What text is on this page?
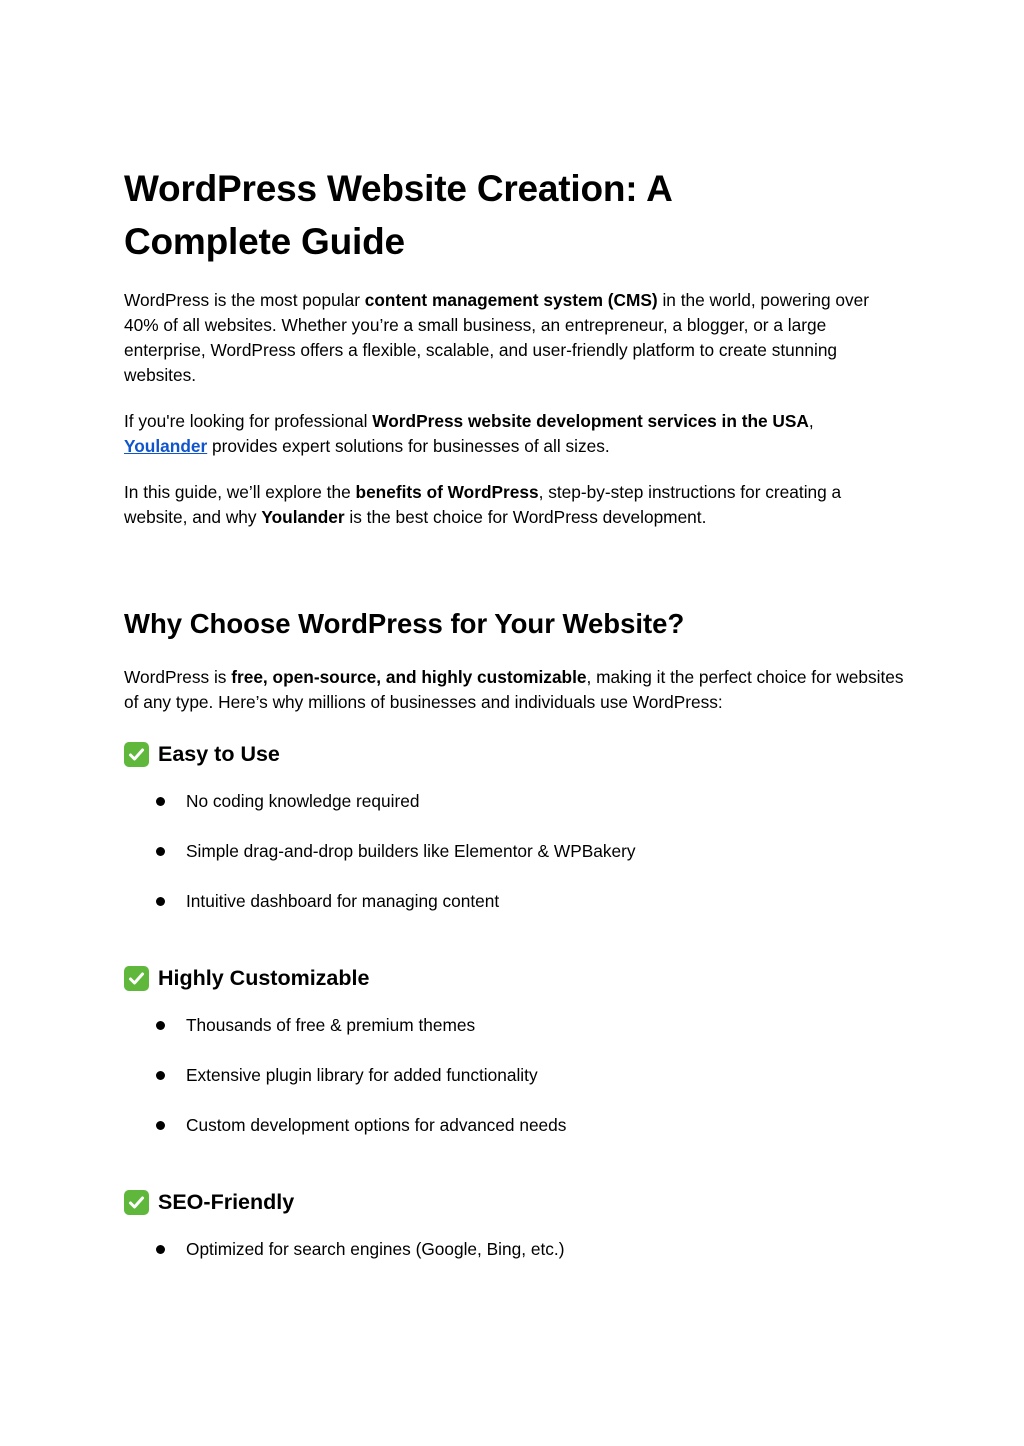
WordPress Website Creation: A Complete Guide

WordPress is the most popular content management system (CMS) in the world, powering over 40% of all websites. Whether you’re a small business, an entrepreneur, a blogger, or a large enterprise, WordPress offers a flexible, scalable, and user-friendly platform to create stunning websites.

If you're looking for professional WordPress website development services in the USA,
Youlander provides expert solutions for businesses of all sizes.

In this guide, we’ll explore the benefits of WordPress, step-by-step instructions for creating a website, and why Youlander is the best choice for WordPress development.

Why Choose WordPress for Your Website?

WordPress is free, open-source, and highly customizable, making it the perfect choice for websites of any type. Here’s why millions of businesses and individuals use WordPress:

Easy to Use
No coding knowledge required
Simple drag-and-drop builders like Elementor & WPBakery
Intuitive dashboard for managing content
Highly Customizable
Thousands of free & premium themes
Extensive plugin library for added functionality
Custom development options for advanced needs
SEO-Friendly
Optimized for search engines (Google, Bing, etc.)
